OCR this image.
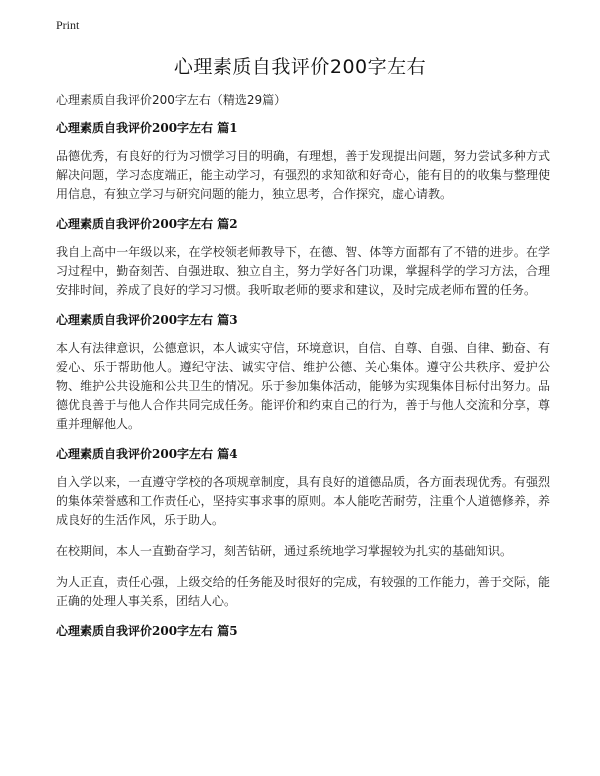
Print
心理素质自我评价200字左右

心理素质自我评价200字左右（精选29篇）

心理素质自我评价200字左右 篇1

品德优秀，有良好的行为习惯学习目的明确，有理想，善于发现提出问题，努力尝试多种方式解决问题，学习态度端正，能主动学习，有强烈的求知欲和好奇心，能有目的的收集与整理使用信息，有独立学习与研究问题的能力，独立思考，合作探究，虚心请教。

心理素质自我评价200字左右 篇2

我自上高中一年级以来，在学校领老师教导下，在德、智、体等方面都有了不错的进步。在学习过程中，勤奋刻苦、自强进取、独立自主，努力学好各门功课，掌握科学的学习方法，合理安排时间，养成了良好的学习习惯。我听取老师的要求和建议，及时完成老师布置的任务。

心理素质自我评价200字左右 篇3

本人有法律意识，公德意识，本人诚实守信，环境意识，自信、自尊、自强、自律、勤奋、有爱心、乐于帮助他人。遵纪守法、诚实守信、维护公德、关心集体。遵守公共秩序、爱护公物、维护公共设施和公共卫生的情况。乐于参加集体活动，能够为实现集体目标付出努力。品德优良善于与他人合作共同完成任务。能评价和约束自己的行为，善于与他人交流和分享，尊重并理解他人。

心理素质自我评价200字左右 篇4

自入学以来，一直遵守学校的各项规章制度，具有良好的道德品质，各方面表现优秀。有强烈的集体荣誉感和工作责任心，坚持实事求事的原则。本人能吃苦耐劳，注重个人道德修养，养成良好的生活作风，乐于助人。

在校期间，本人一直勤奋学习，刻苦钻研，通过系统地学习掌握较为扎实的基础知识。

为人正直，责任心强，上级交给的任务能及时很好的完成，有较强的工作能力，善于交际，能正确的处理人事关系，团结人心。

心理素质自我评价200字左右 篇5
